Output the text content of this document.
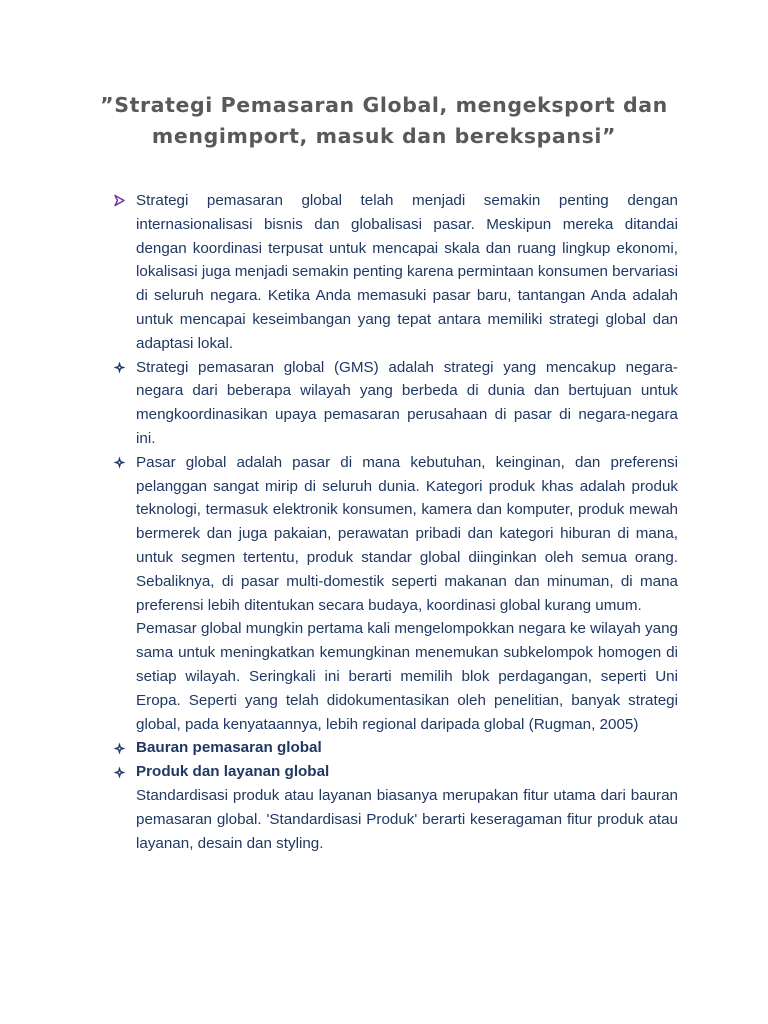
”Strategi Pemasaran Global, mengeksport dan mengimport, masuk dan berekspansi”

Strategi pemasaran global telah menjadi semakin penting dengan internasionalisasi bisnis dan globalisasi pasar. Meskipun mereka ditandai dengan koordinasi terpusat untuk mencapai skala dan ruang lingkup ekonomi, lokalisasi juga menjadi semakin penting karena permintaan konsumen bervariasi di seluruh negara. Ketika Anda memasuki pasar baru, tantangan Anda adalah untuk mencapai keseimbangan yang tepat antara memiliki strategi global dan adaptasi lokal.

Strategi pemasaran global (GMS) adalah strategi yang mencakup negara-negara dari beberapa wilayah yang berbeda di dunia dan bertujuan untuk mengkoordinasikan upaya pemasaran perusahaan di pasar di negara-negara ini.

Pasar global adalah pasar di mana kebutuhan, keinginan, dan preferensi pelanggan sangat mirip di seluruh dunia. Kategori produk khas adalah produk teknologi, termasuk elektronik konsumen, kamera dan komputer, produk mewah bermerek dan juga pakaian, perawatan pribadi dan kategori hiburan di mana, untuk segmen tertentu, produk standar global diinginkan oleh semua orang. Sebaliknya, di pasar multi-domestik seperti makanan dan minuman, di mana preferensi lebih ditentukan secara budaya, koordinasi global kurang umum.

Pemasar global mungkin pertama kali mengelompokkan negara ke wilayah yang sama untuk meningkatkan kemungkinan menemukan subkelompok homogen di setiap wilayah. Seringkali ini berarti memilih blok perdagangan, seperti Uni Eropa. Seperti yang telah didokumentasikan oleh penelitian, banyak strategi global, pada kenyataannya, lebih regional daripada global (Rugman, 2005)

Bauran pemasaran global

Produk dan layanan global

Standardisasi produk atau layanan biasanya merupakan fitur utama dari bauran pemasaran global. 'Standardisasi Produk' berarti keseragaman fitur produk atau layanan, desain dan styling.
